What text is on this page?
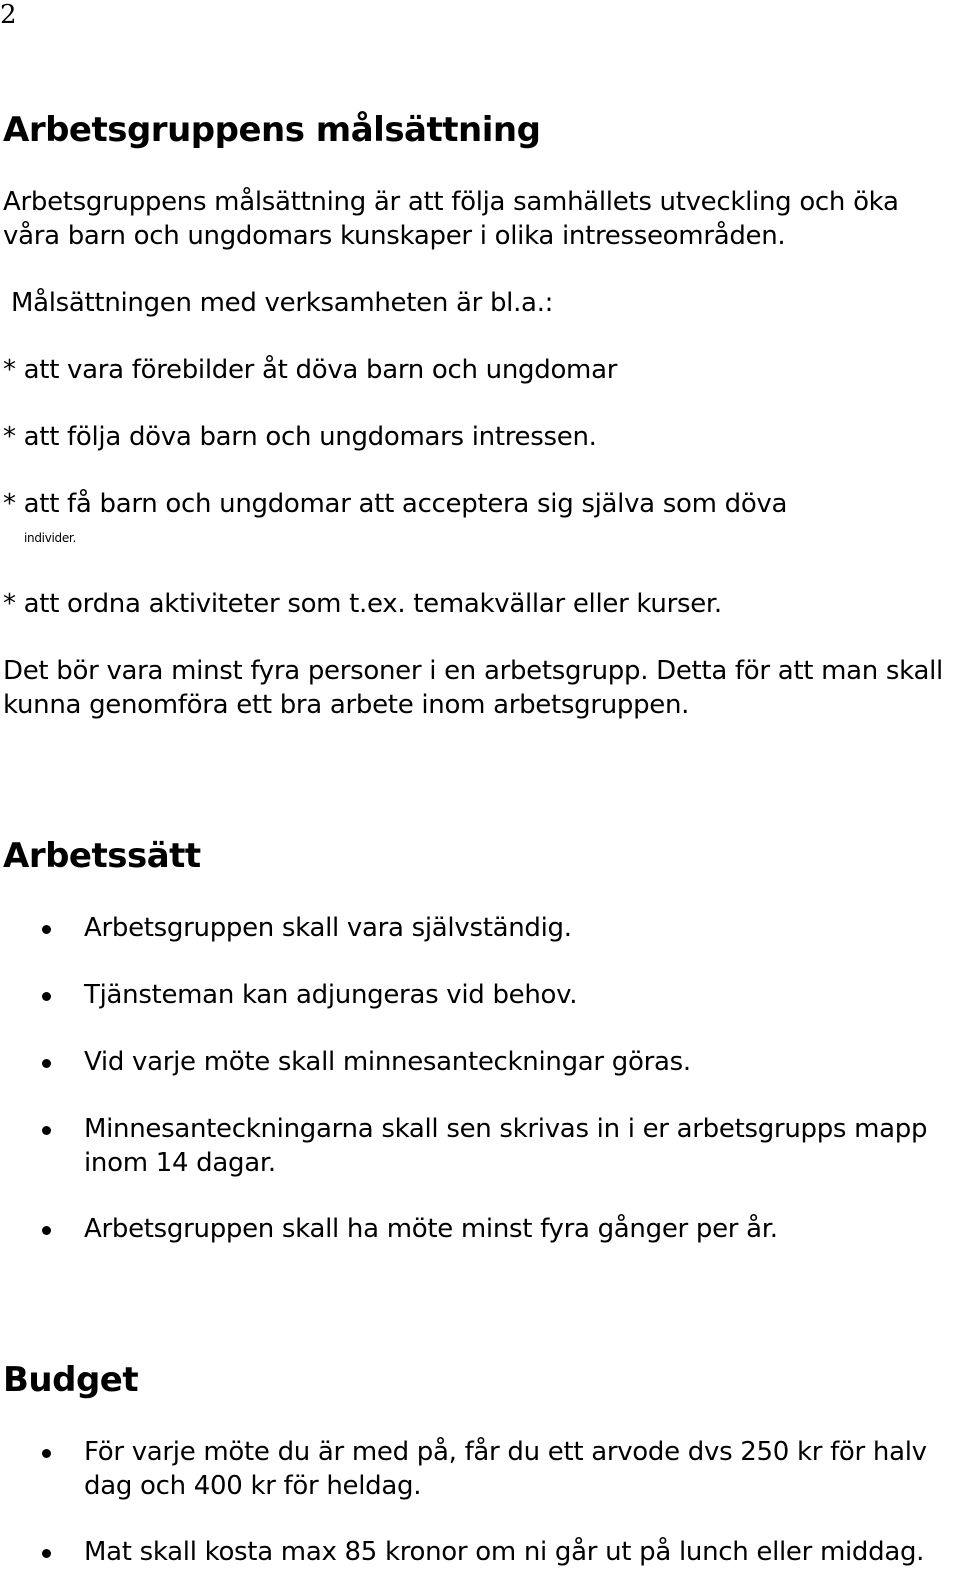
2
Arbetsgruppens målsättning
Arbetsgruppens målsättning är att följa samhällets utveckling och öka
våra barn och ungdomars kunskaper i olika intresseområden.
Målsättningen med verksamheten är bl.a.:
* att vara förebilder åt döva barn och ungdomar
* att följa döva barn och ungdomars intressen.
* att få barn och ungdomar att acceptera sig själva som döva
individer.
* att ordna aktiviteter som t.ex. temakvällar eller kurser.
Det bör vara minst fyra personer i en arbetsgrupp. Detta för att man skall
kunna genomföra ett bra arbete inom arbetsgruppen.
Arbetssätt
Arbetsgruppen skall vara självständig.
Tjänsteman kan adjungeras vid behov.
Vid varje möte skall minnesanteckningar göras.
Minnesanteckningarna skall sen skrivas in i er arbetsgrupps mapp
inom 14 dagar.
Arbetsgruppen skall ha möte minst fyra gånger per år.
Budget
För varje möte du är med på, får du ett arvode dvs 250 kr för halv
dag och 400 kr för heldag.
Mat skall kosta max 85 kronor om ni går ut på lunch eller middag.
